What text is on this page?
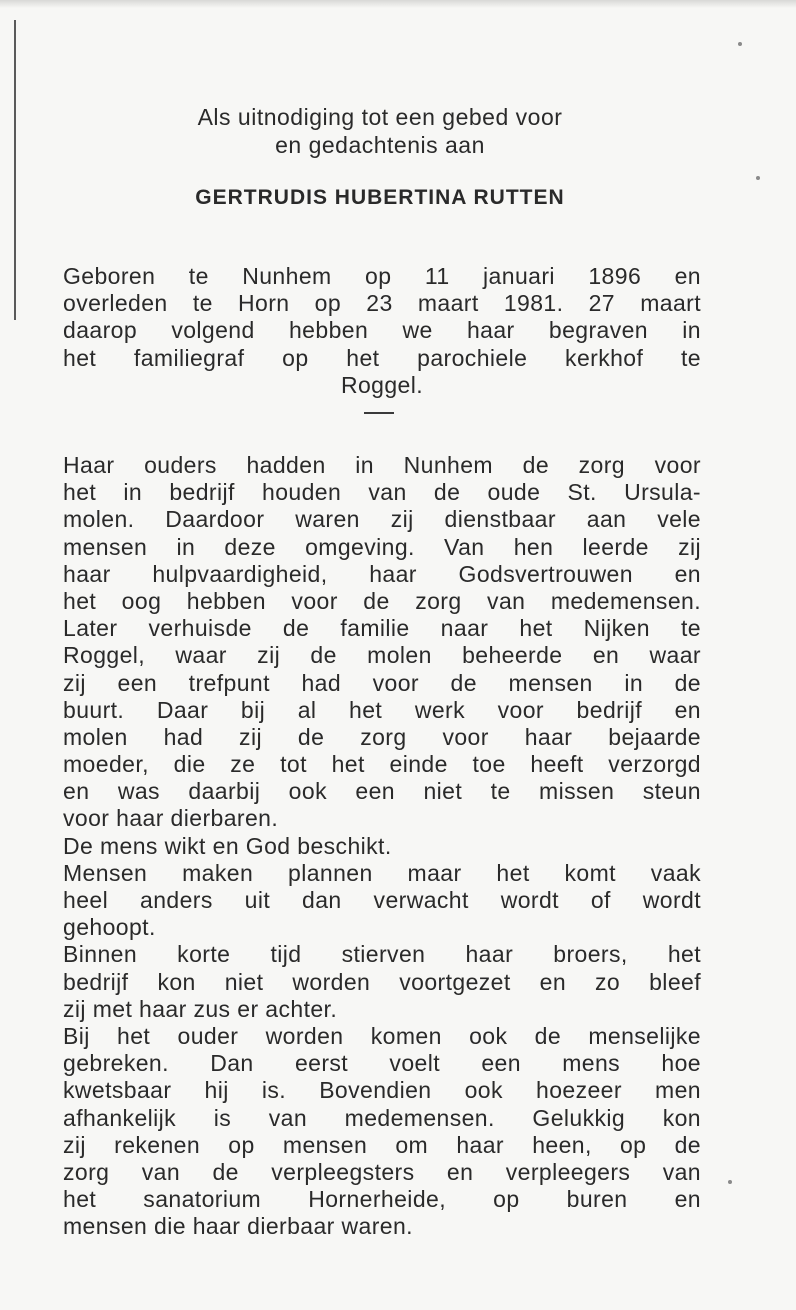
Als uitnodiging tot een gebed voor
en gedachtenis aan
GERTRUDIS HUBERTINA RUTTEN
Geboren te Nunhem op 11 januari 1896 en
overleden te Horn op 23 maart 1981. 27 maart
daarop volgend hebben we haar begraven in
het familiegraf op het parochiele kerkhof te
Roggel.
Haar ouders hadden in Nunhem de zorg voor
het in bedrijf houden van de oude St. Ursula-
molen. Daardoor waren zij dienstbaar aan vele
mensen in deze omgeving. Van hen leerde zij
haar hulpvaardigheid, haar Godsvertrouwen en
het oog hebben voor de zorg van medemensen.
Later verhuisde de familie naar het Nijken te
Roggel, waar zij de molen beheerde en waar
zij een trefpunt had voor de mensen in de
buurt. Daar bij al het werk voor bedrijf en
molen had zij de zorg voor haar bejaarde
moeder, die ze tot het einde toe heeft verzorgd
en was daarbij ook een niet te missen steun
voor haar dierbaren.
De mens wikt en God beschikt.
Mensen maken plannen maar het komt vaak
heel anders uit dan verwacht wordt of wordt
gehoopt.
Binnen korte tijd stierven haar broers, het
bedrijf kon niet worden voortgezet en zo bleef
zij met haar zus er achter.
Bij het ouder worden komen ook de menselijke
gebreken. Dan eerst voelt een mens hoe
kwetsbaar hij is. Bovendien ook hoezeer men
afhankelijk is van medemensen. Gelukkig kon
zij rekenen op mensen om haar heen, op de
zorg van de verpleegsters en verpleegers van
het sanatorium Hornerheide, op buren en
mensen die haar dierbaar waren.
